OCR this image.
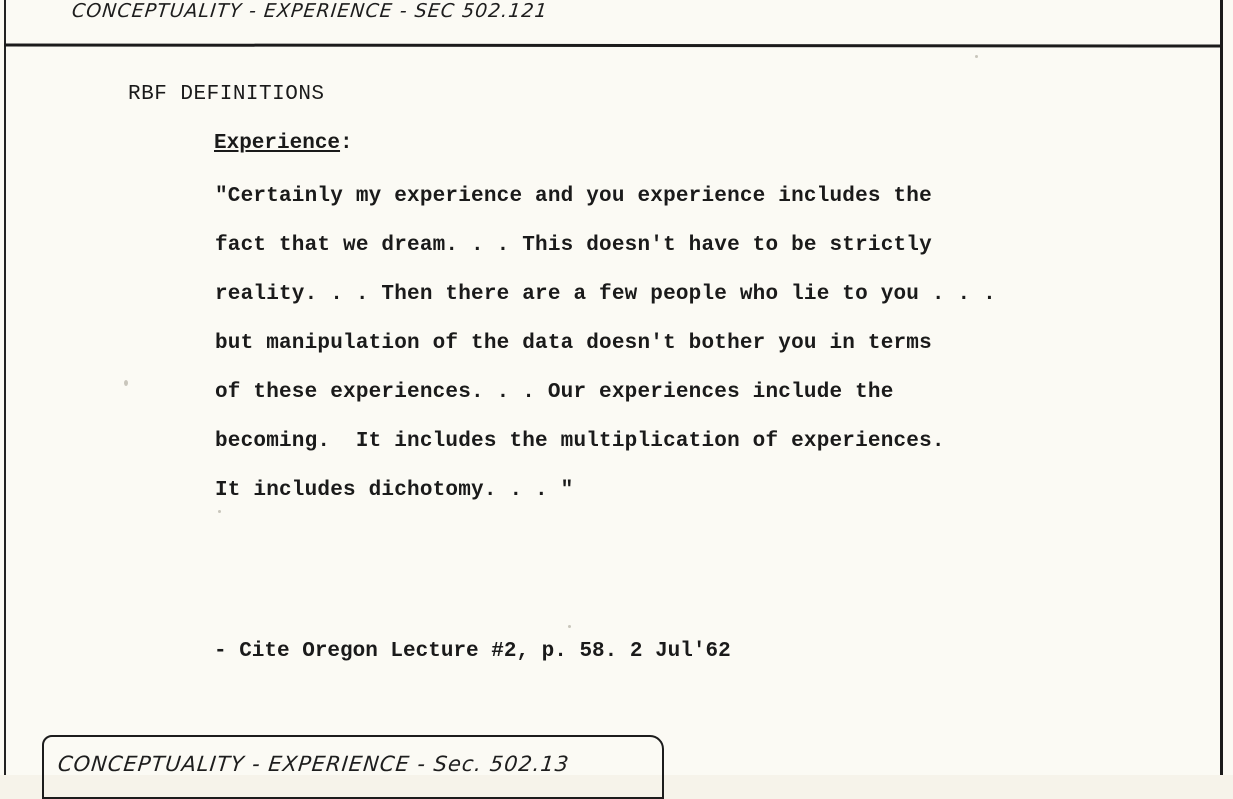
CONCEPTUALITY - EXPERIENCE - SEC 502.121
RBF DEFINITIONS
Experience:
"Certainly my experience and you experience includes the
fact that we dream. . . This doesn't have to be strictly
reality. . . Then there are a few people who lie to you . . .
but manipulation of the data doesn't bother you in terms
of these experiences. . . Our experiences include the
becoming.  It includes the multiplication of experiences.
It includes dichotomy. . . "
- Cite Oregon Lecture #2, p. 58. 2 Jul'62
CONCEPTUALITY - EXPERIENCE - Sec. 502.13
